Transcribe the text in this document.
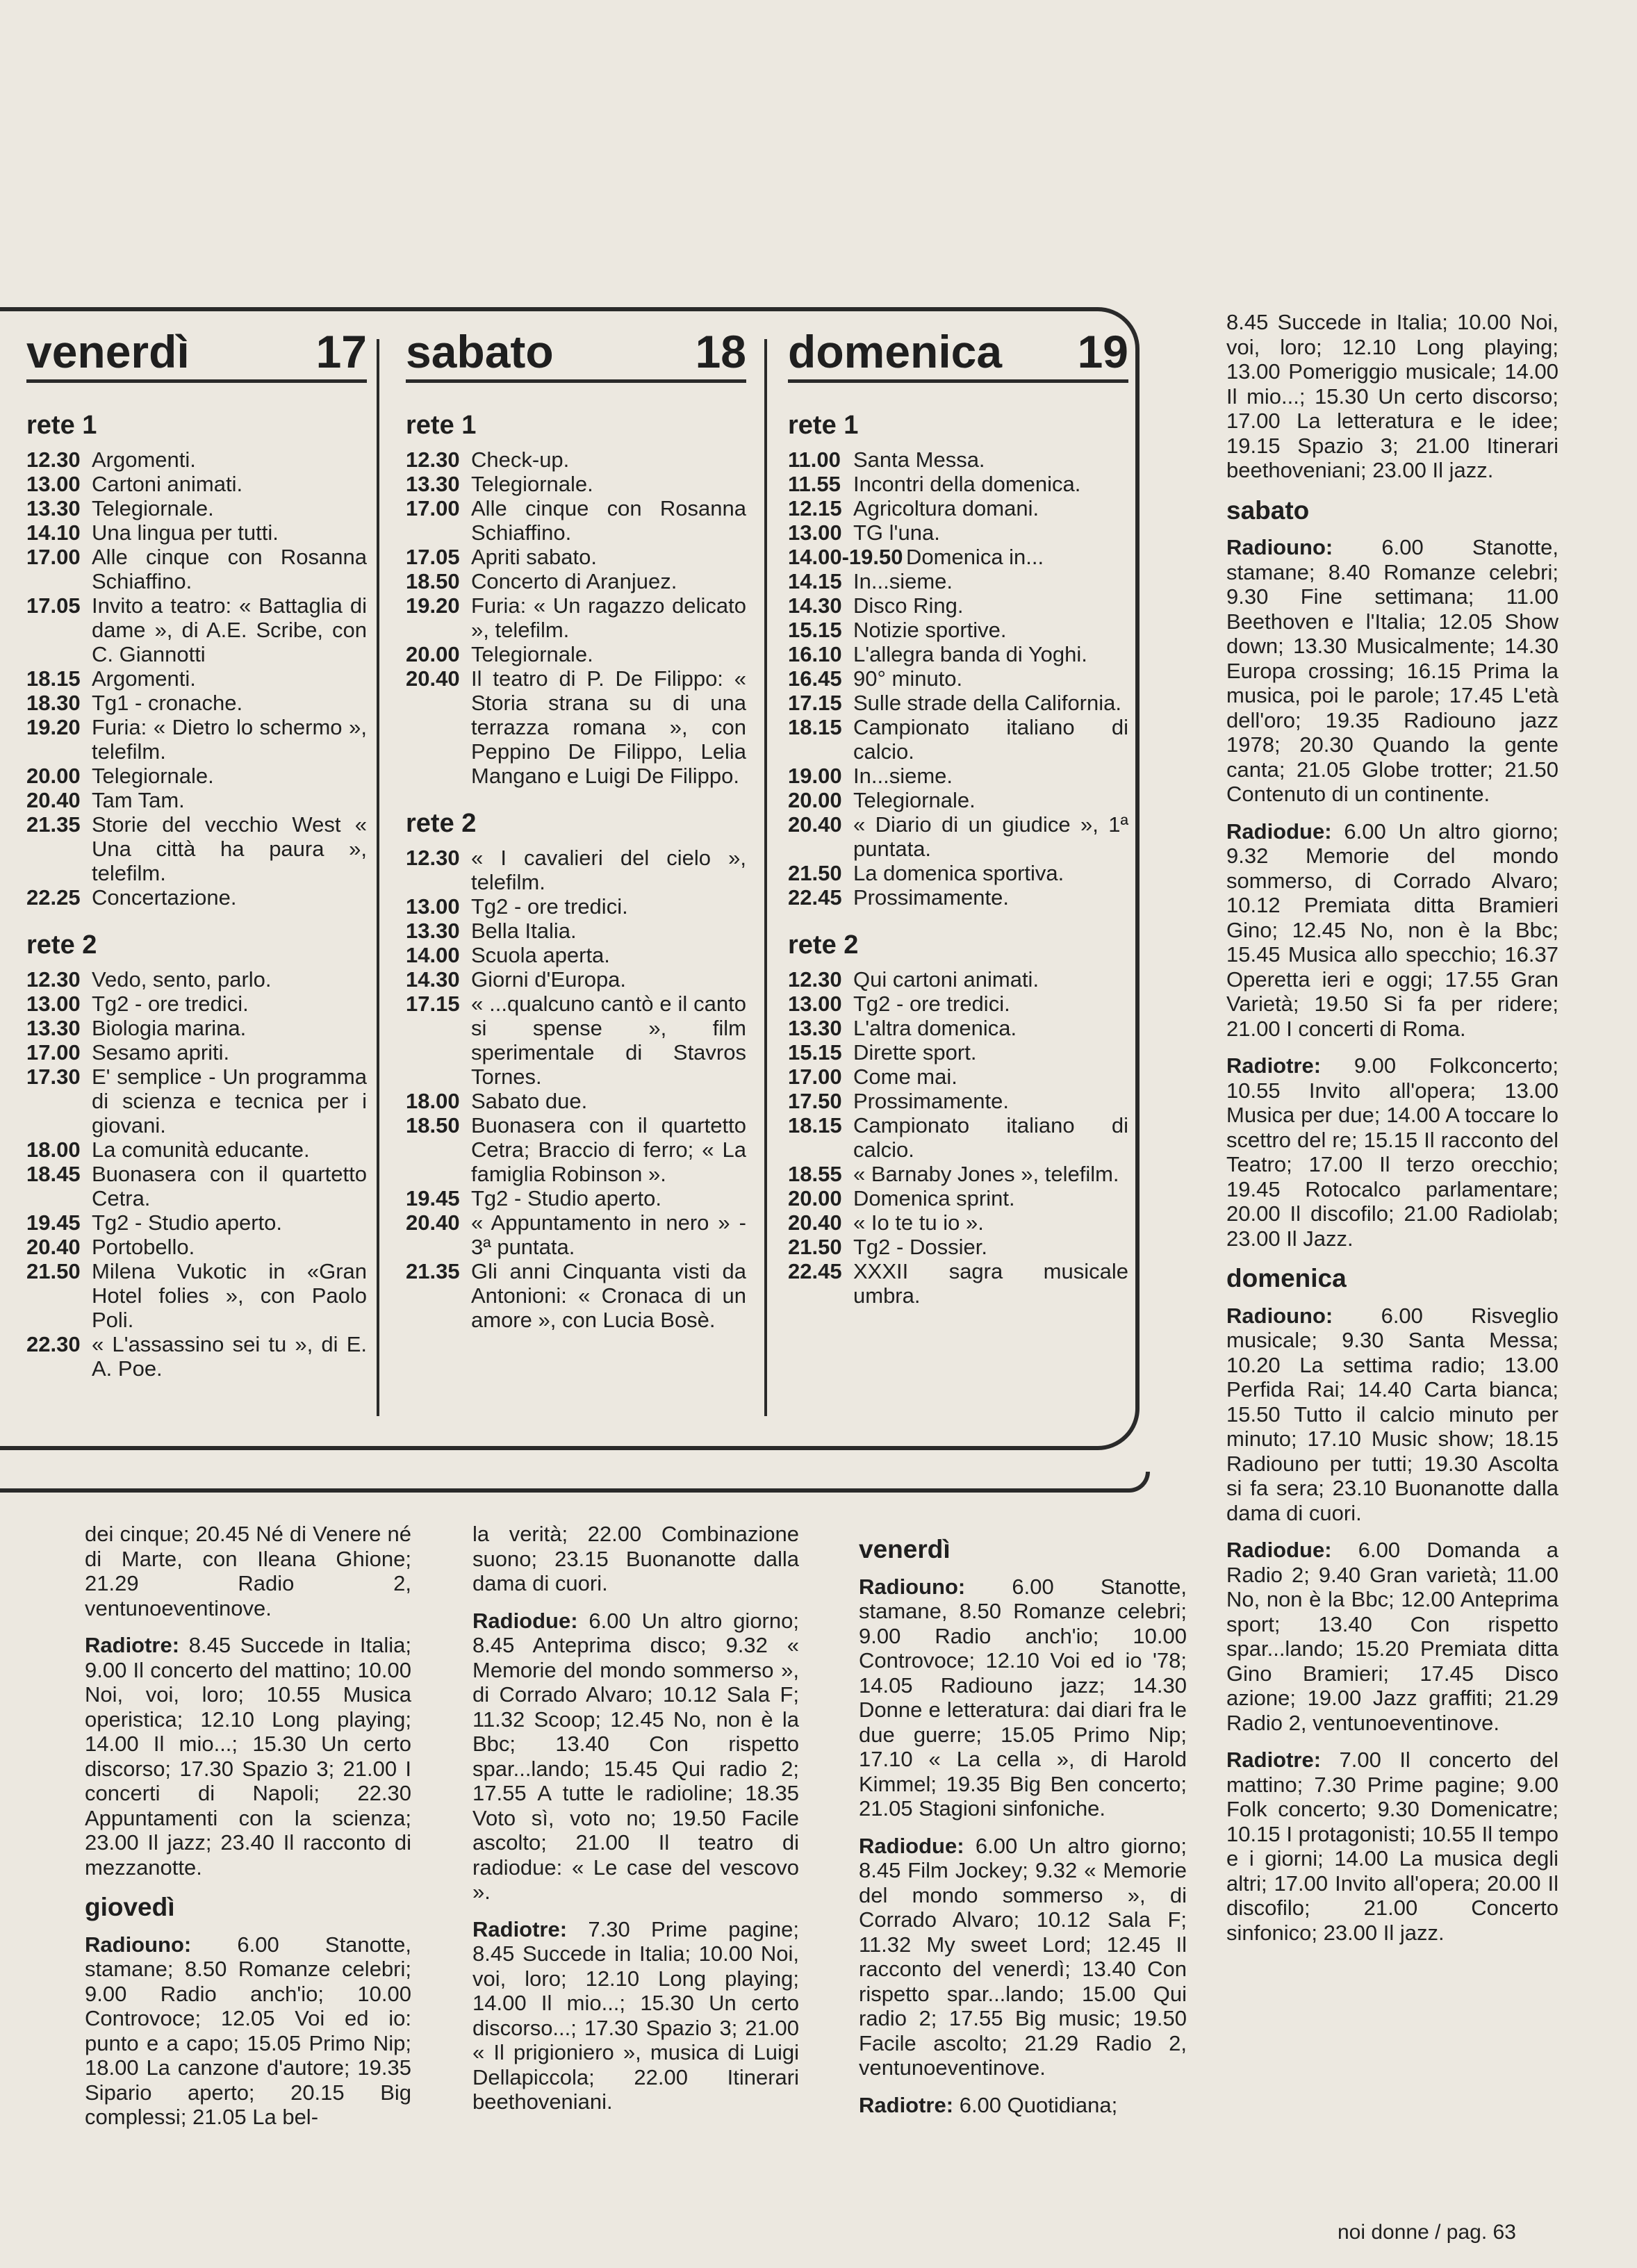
venerdì	17
rete 1
12.30 Argomenti.
13.00 Cartoni animati.
13.30 Telegiornale.
14.10 Una lingua per tutti.
17.00 Alle cinque con Rosanna Schiaffino.
17.05 Invito a teatro: « Battaglia di dame », di A.E. Scribe, con C. Giannotti
18.15 Argomenti.
18.30 Tg1 - cronache.
19.20 Furia: « Dietro lo schermo », telefilm.
20.00 Telegiornale.
20.40 Tam Tam.
21.35 Storie del vecchio West « Una città ha paura », telefilm.
22.25 Concertazione.
rete 2
12.30 Vedo, sento, parlo.
13.00 Tg2 - ore tredici.
13.30 Biologia marina.
17.00 Sesamo apriti.
17.30 E' semplice - Un programma di scienza e tecnica per i giovani.
18.00 La comunità educante.
18.45 Buonasera con il quartetto Cetra.
19.45 Tg2 - Studio aperto.
20.40 Portobello.
21.50 Milena Vukotic in «Gran Hotel folies », con Paolo Poli.
22.30 « L'assassino sei tu », di E. A. Poe.
sabato	18
rete 1
12.30 Check-up.
13.30 Telegiornale.
17.00 Alle cinque con Rosanna Schiaffino.
17.05 Apriti sabato.
18.50 Concerto di Aranjuez.
19.20 Furia: « Un ragazzo delicato », telefilm.
20.00 Telegiornale.
20.40 Il teatro di P. De Filippo: « Storia strana su di una terrazza romana », con Peppino De Filippo, Lelia Mangano e Luigi De Filippo.
rete 2
12.30 « I cavalieri del cielo », telefilm.
13.00 Tg2 - ore tredici.
13.30 Bella Italia.
14.00 Scuola aperta.
14.30 Giorni d'Europa.
17.15 « ...qualcuno cantò e il canto si spense », film sperimentale di Stavros Tornes.
18.00 Sabato due.
18.50 Buonasera con il quartetto Cetra; Braccio di ferro; « La famiglia Robinson ».
19.45 Tg2 - Studio aperto.
20.40 « Appuntamento in nero » - 3ª puntata.
21.35 Gli anni Cinquanta visti da Antonioni: « Cronaca di un amore », con Lucia Bosè.
domenica 19
rete 1
11.00 Santa Messa.
11.55 Incontri della domenica.
12.15 Agricoltura domani.
13.00 TG l'una.
14.00-19.50 Domenica in...
14.15 In...sieme.
14.30 Disco Ring.
15.15 Notizie sportive.
16.10 L'allegra banda di Yoghi.
16.45 90° minuto.
17.15 Sulle strade della California.
18.15 Campionato italiano di calcio.
19.00 In...sieme.
20.00 Telegiornale.
20.40 « Diario di un giudice », 1ª puntata.
21.50 La domenica sportiva.
22.45 Prossimamente.
rete 2
12.30 Qui cartoni animati.
13.00 Tg2 - ore tredici.
13.30 L'altra domenica.
15.15 Dirette sport.
17.00 Come mai.
17.50 Prossimamente.
18.15 Campionato italiano di calcio.
18.55 « Barnaby Jones », telefilm.
20.00 Domenica sprint.
20.40 « Io te tu io ».
21.50 Tg2 - Dossier.
22.45 XXXII sagra musicale umbra.

8.45 Succede in Italia; 10.00 Noi, voi, loro; 12.10 Long playing; 13.00 Pomeriggio musicale; 14.00 Il mio...; 15.30 Un certo discorso; 17.00 La letteratura e le idee; 19.15 Spazio 3; 21.00 Itinerari beethoveniani; 23.00 Il jazz.

sabato

Radiouno: 6.00 Stanotte, stamane; 8.40 Romanze celebri; 9.30 Fine settimana; 11.00 Beethoven e l'Italia; 12.05 Show down; 13.30 Musicalmente; 14.30 Europa crossing; 16.15 Prima la musica, poi le parole; 17.45 L'età dell'oro; 19.35 Radiouno jazz 1978; 20.30 Quando la gente canta; 21.05 Globe trotter; 21.50 Contenuto di un continente.

Radiodue: 6.00 Un altro giorno; 9.32 Memorie del mondo sommerso, di Corrado Alvaro; 10.12 Premiata ditta Bramieri Gino; 12.45 No, non è la Bbc; 15.45 Musica allo specchio; 16.37 Operetta ieri e oggi; 17.55 Gran Varietà; 19.50 Si fa per ridere; 21.00 I concerti di Roma.

Radiotre: 9.00 Folkconcerto; 10.55 Invito all'opera; 13.00 Musica per due; 14.00 A toccare lo scettro del re; 15.15 Il racconto del Teatro; 17.00 Il terzo orecchio; 19.45 Rotocalco parlamentare; 20.00 Il discofilo; 21.00 Radiolab; 23.00 Il Jazz.

domenica

Radiouno: 6.00 Risveglio musicale; 9.30 Santa Messa; 10.20 La settima radio; 13.00 Perfida Rai; 14.40 Carta bianca; 15.50 Tutto il calcio minuto per minuto; 17.10 Music show; 18.15 Radiouno per tutti; 19.30 Ascolta si fa sera; 23.10 Buonanotte dalla dama di cuori.

Radiodue: 6.00 Domanda a Radio 2; 9.40 Gran varietà; 11.00 No, non è la Bbc; 12.00 Anteprima sport; 13.40 Con rispetto spar...lando; 15.20 Premiata ditta Gino Bramieri; 17.45 Disco azione; 19.00 Jazz graffiti; 21.29 Radio 2, ventunoeventinove.

Radiotre: 7.00 Il concerto del mattino; 7.30 Prime pagine; 9.00 Folk concerto; 9.30 Domenicatre; 10.15 I protagonisti; 10.55 Il tempo e i giorni; 14.00 La musica degli altri; 17.00 Invito all'opera; 20.00 Il discofilo; 21.00 Concerto sinfonico; 23.00 Il jazz.

dei cinque; 20.45 Né di Venere né di Marte, con Ileana Ghione; 21.29 Radio 2, ventunoeventinove.

Radiotre: 8.45 Succede in Italia; 9.00 Il concerto del mattino; 10.00 Noi, voi, loro; 10.55 Musica operistica; 12.10 Long playing; 14.00 Il mio...; 15.30 Un certo discorso; 17.30 Spazio 3; 21.00 I concerti di Napoli; 22.30 Appuntamenti con la scienza; 23.00 Il jazz; 23.40 Il racconto di mezzanotte.

giovedì

Radiouno: 6.00 Stanotte, stamane; 8.50 Romanze celebri; 9.00 Radio anch'io; 10.00 Controvoce; 12.05 Voi ed io: punto e a capo; 15.05 Primo Nip; 18.00 La canzone d'autore; 19.35 Sipario aperto; 20.15 Big complessi; 21.05 La bel-

la verità; 22.00 Combinazione suono; 23.15 Buonanotte dalla dama di cuori.

Radiodue: 6.00 Un altro giorno; 8.45 Anteprima disco; 9.32 « Memorie del mondo sommerso », di Corrado Alvaro; 10.12 Sala F; 11.32 Scoop; 12.45 No, non è la Bbc; 13.40 Con rispetto spar...lando; 15.45 Qui radio 2; 17.55 A tutte le radioline; 18.35 Voto sì, voto no; 19.50 Facile ascolto; 21.00 Il teatro di radiodue: « Le case del vescovo ».

Radiotre: 7.30 Prime pagine; 8.45 Succede in Italia; 10.00 Noi, voi, loro; 12.10 Long playing; 14.00 Il mio...; 15.30 Un certo discorso...; 17.30 Spazio 3; 21.00 « Il prigioniero », musica di Luigi Dellapiccola; 22.00 Itinerari beethoveniani.

venerdì

Radiouno: 6.00 Stanotte, stamane, 8.50 Romanze celebri; 9.00 Radio anch'io; 10.00 Controvoce; 12.10 Voi ed io '78; 14.05 Radiouno jazz; 14.30 Donne e letteratura: dai diari fra le due guerre; 15.05 Primo Nip; 17.10 « La cella », di Harold Kimmel; 19.35 Big Ben concerto; 21.05 Stagioni sinfoniche.

Radiodue: 6.00 Un altro giorno; 8.45 Film Jockey; 9.32 « Memorie del mondo sommerso », di Corrado Alvaro; 10.12 Sala F; 11.32 My sweet Lord; 12.45 Il racconto del venerdì; 13.40 Con rispetto spar...lando; 15.00 Qui radio 2; 17.55 Big music; 19.50 Facile ascolto; 21.29 Radio 2, ventunoeventinove.

Radiotre: 6.00 Quotidiana;

noi donne / pag. 63
